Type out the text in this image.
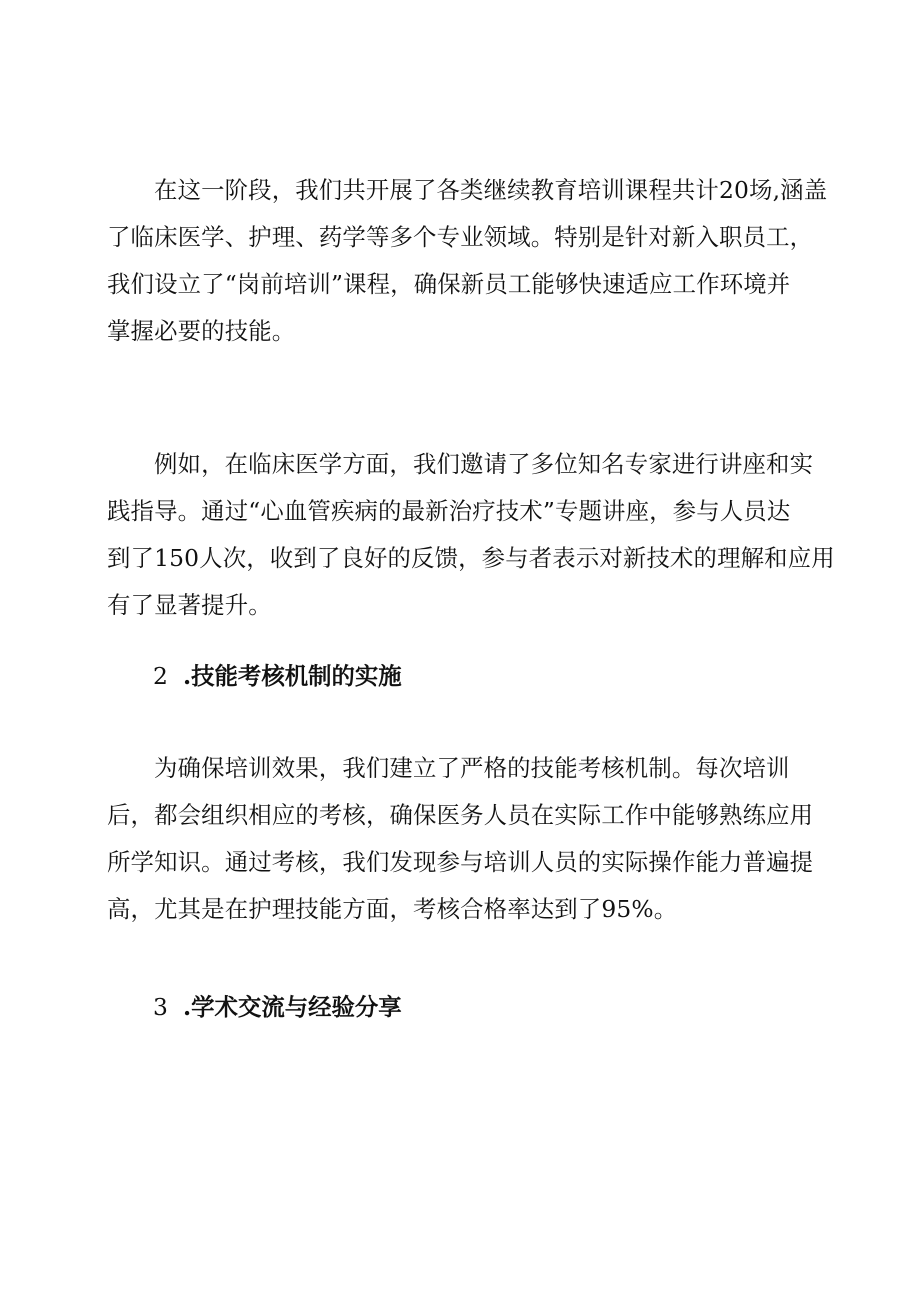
在这一阶段，我们共开展了各类继续教育培训课程共计20场,涵盖
了临床医学、护理、药学等多个专业领域。特别是针对新入职员工，
我们设立了“岗前培训”课程，确保新员工能够快速适应工作环境并
掌握必要的技能。
例如，在临床医学方面，我们邀请了多位知名专家进行讲座和实
践指导。通过“心血管疾病的最新治疗技术”专题讲座，参与人员达
到了150人次，收到了良好的反馈，参与者表示对新技术的理解和应用
有了显著提升。
2 .技能考核机制的实施
为确保培训效果，我们建立了严格的技能考核机制。每次培训
后，都会组织相应的考核，确保医务人员在实际工作中能够熟练应用
所学知识。通过考核，我们发现参与培训人员的实际操作能力普遍提
高，尤其是在护理技能方面，考核合格率达到了95%。
3 .学术交流与经验分享
